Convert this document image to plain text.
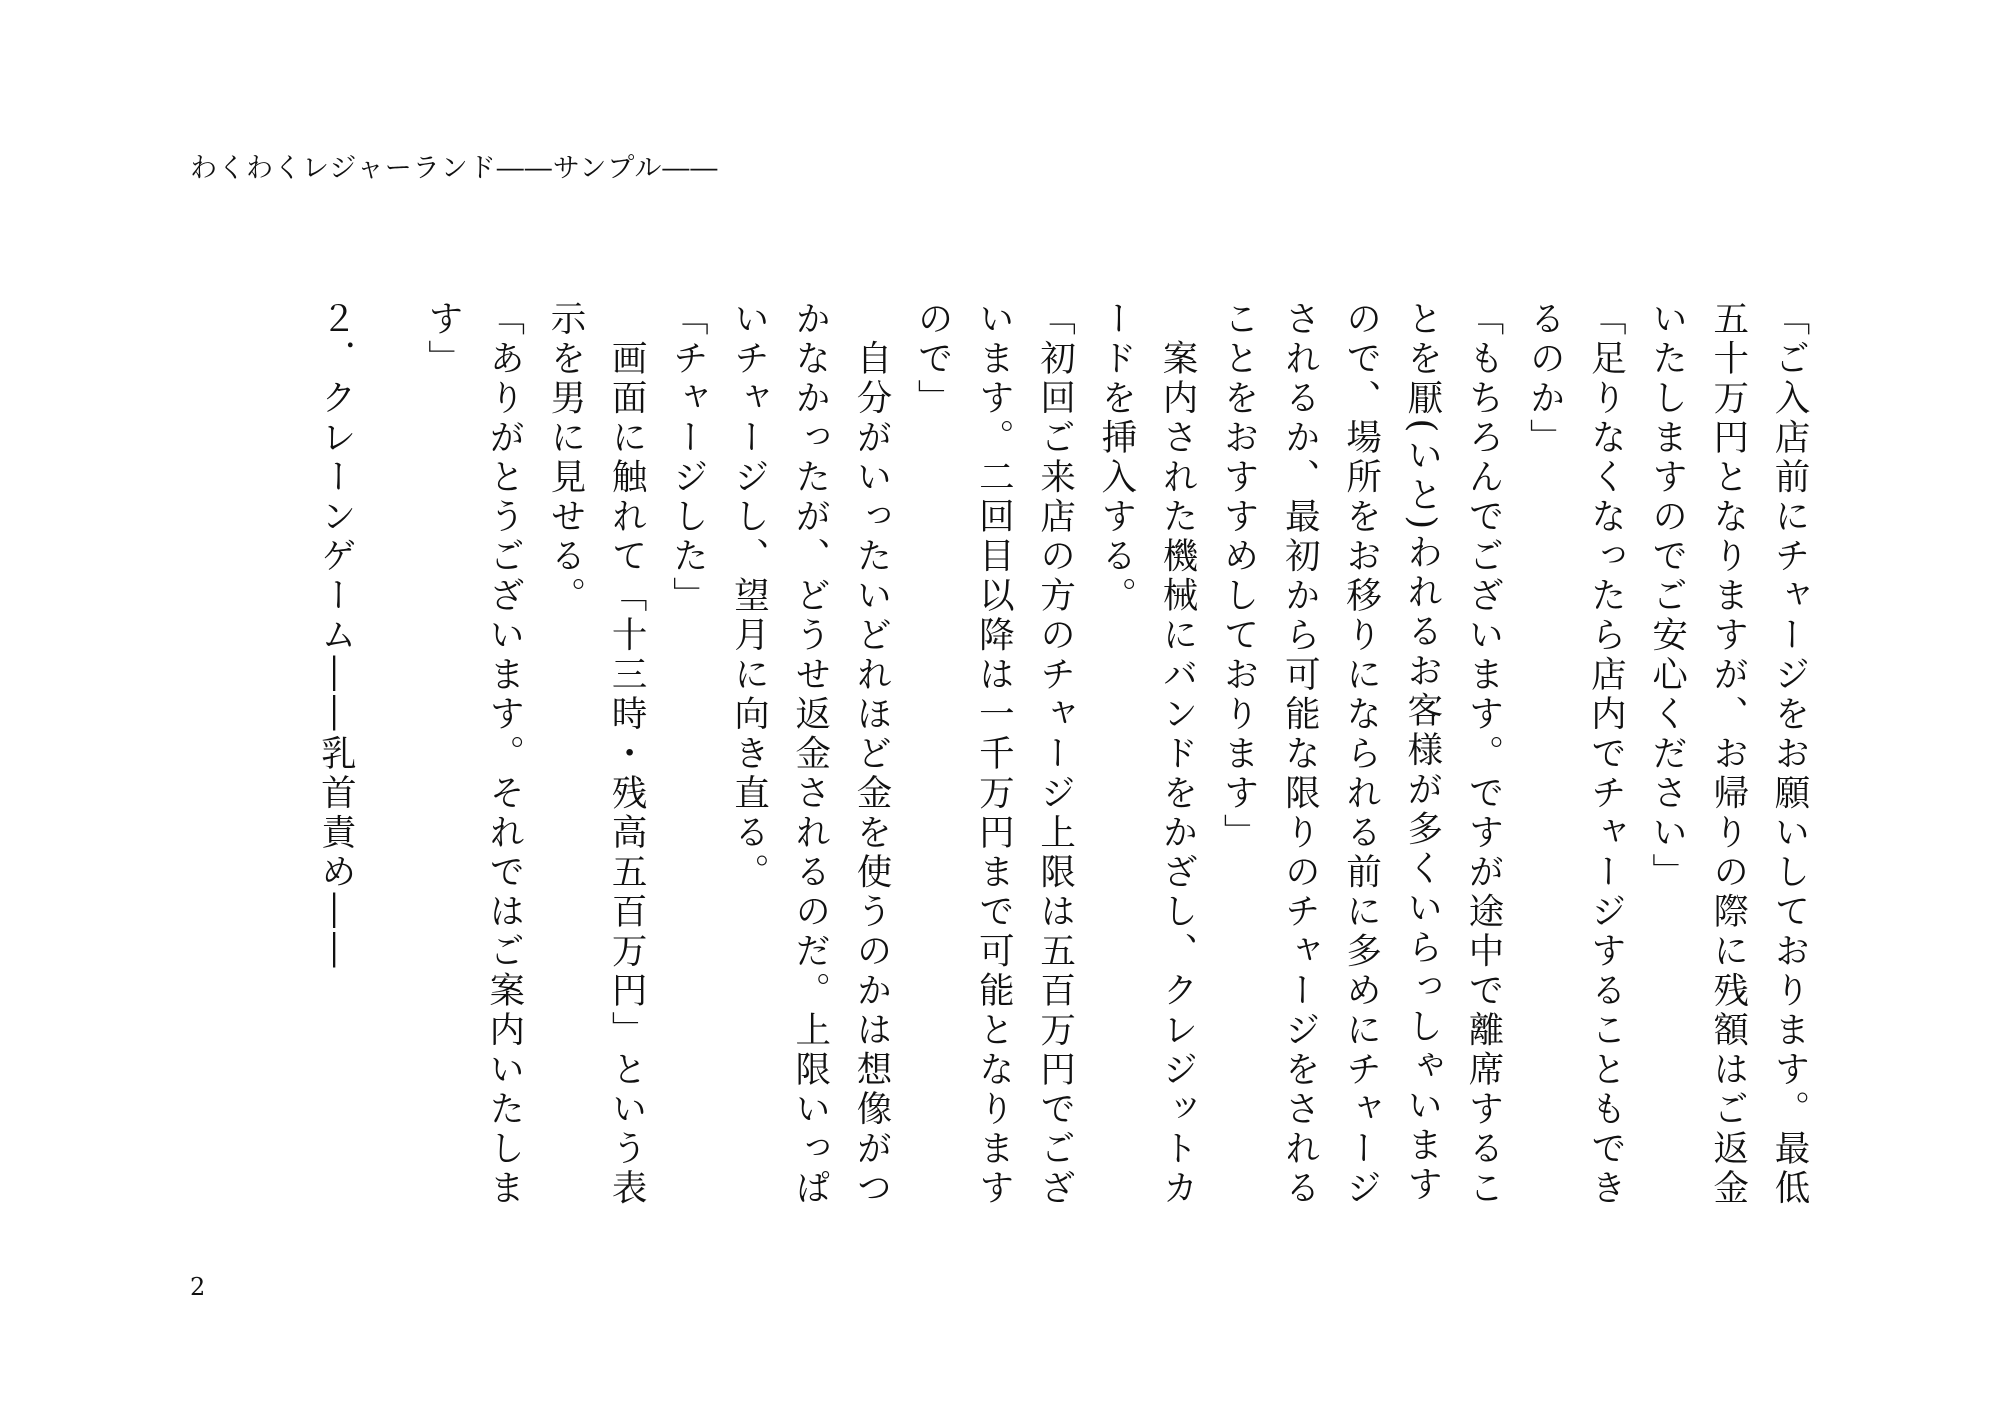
わくわくレジャーランド――サンプル――

「ご入店前にチャージをお願いしております。最低五十万円となりますが、お帰りの際に残額はご返金いたしますのでご安心ください」

「足りなくなったら店内でチャージすることもできるのか」

「もちろんでございます。ですが途中で離席することを厭(いと)われるお客様が多くいらっしゃいますので、場所をお移りになられる前に多めにチャージされるか、最初から可能な限りのチャージをされることをおすすめしております」

　案内された機械にバンドをかざし、クレジットカードを挿入する。

「初回ご来店の方のチャージ上限は五百万円でございます。二回目以降は一千万円まで可能となりますので」

　自分がいったいどれほど金を使うのかは想像がつかなかったが、どうせ返金されるのだ。上限いっぱいチャージし、望月に向き直る。

「チャージした」

　画面に触れて「十三時・残高五百万円」という表示を男に見せる。

「ありがとうございます。それではご案内いたします」

２．クレーンゲーム――乳首責め――

2
